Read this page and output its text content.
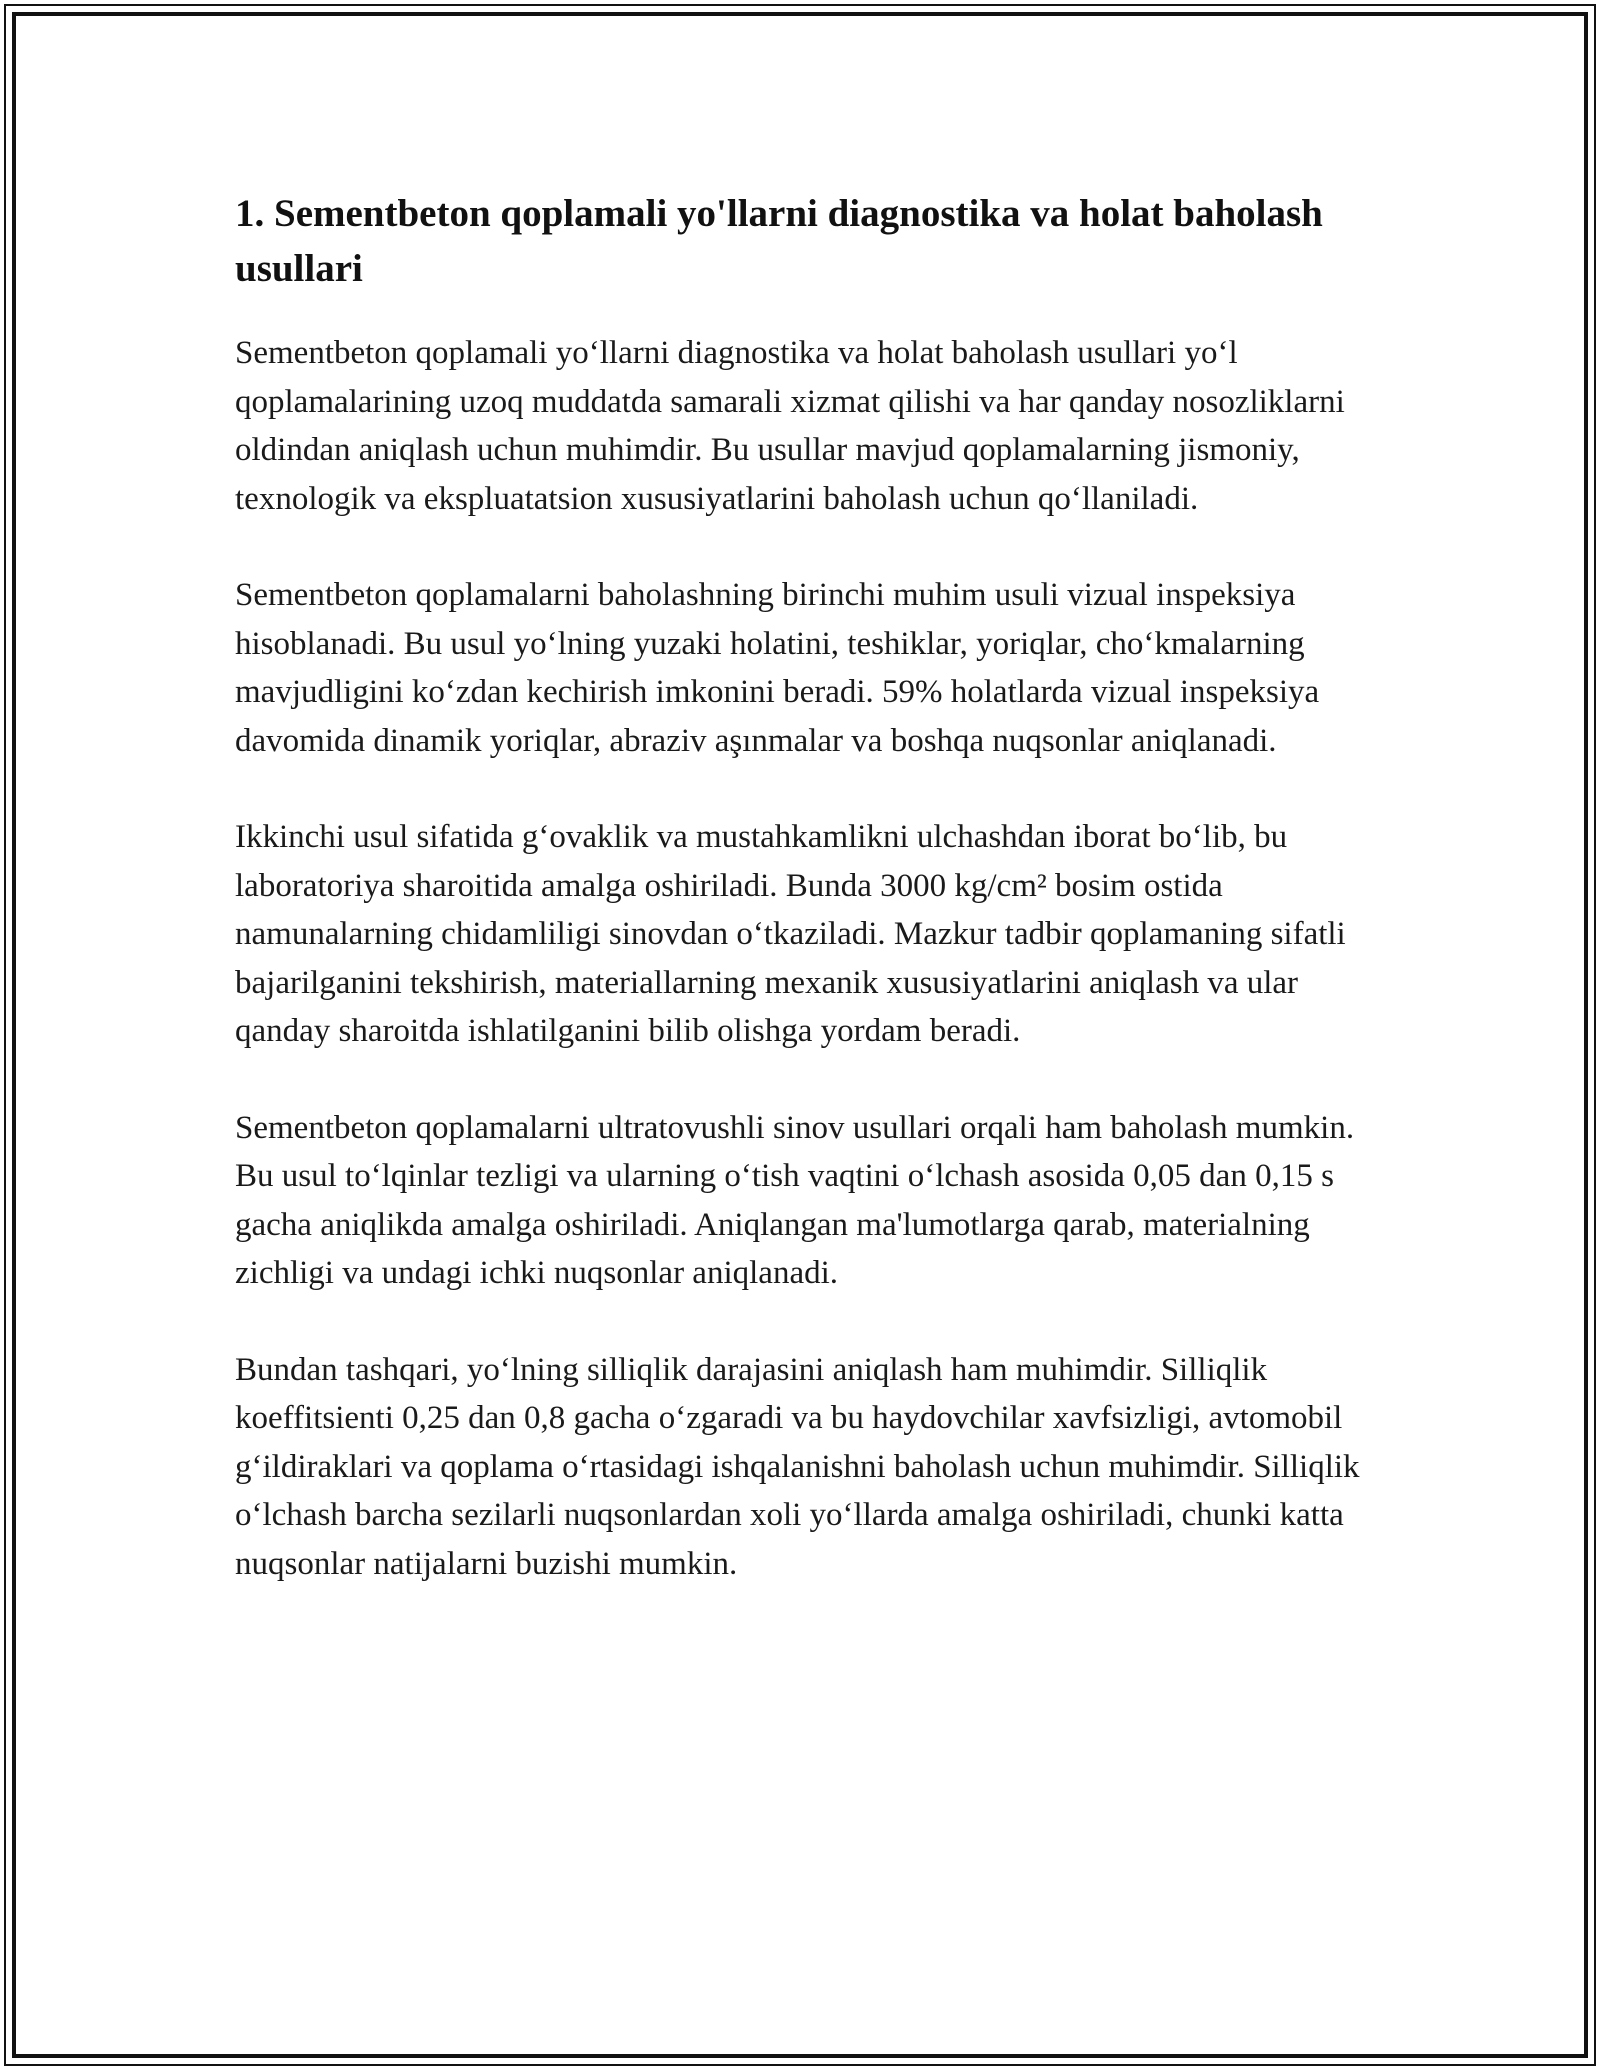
1. Sementbeton qoplamali yo'llarni diagnostika va holat baholash usullari

Sementbeton qoplamali yo‘llarni diagnostika va holat baholash usullari yo‘l qoplamalarining uzoq muddatda samarali xizmat qilishi va har qanday nosozliklarni oldindan aniqlash uchun muhimdir. Bu usullar mavjud qoplamalarning jismoniy, texnologik va ekspluatatsion xususiyatlarini baholash uchun qo‘llaniladi.

Sementbeton qoplamalarni baholashning birinchi muhim usuli vizual inspeksiya hisoblanadi. Bu usul yo‘lning yuzaki holatini, teshiklar, yoriqlar, cho‘kmalarning mavjudligini ko‘zdan kechirish imkonini beradi. 59% holatlarda vizual inspeksiya davomida dinamik yoriqlar, abraziv aşınmalar va boshqa nuqsonlar aniqlanadi.

Ikkinchi usul sifatida g‘ovaklik va mustahkamlikni ulchashdan iborat bo‘lib, bu laboratoriya sharoitida amalga oshiriladi. Bunda 3000 kg/cm² bosim ostida namunalarning chidamliligi sinovdan o‘tkaziladi. Mazkur tadbir qoplamaning sifatli bajarilganini tekshirish, materiallarning mexanik xususiyatlarini aniqlash va ular qanday sharoitda ishlatilganini bilib olishga yordam beradi.

Sementbeton qoplamalarni ultratovushli sinov usullari orqali ham baholash mumkin. Bu usul to‘lqinlar tezligi va ularning o‘tish vaqtini o‘lchash asosida 0,05 dan 0,15 s gacha aniqlikda amalga oshiriladi. Aniqlangan ma'lumotlarga qarab, materialning zichligi va undagi ichki nuqsonlar aniqlanadi.

Bundan tashqari, yo‘lning silliqlik darajasini aniqlash ham muhimdir. Silliqlik koeffitsienti 0,25 dan 0,8 gacha o‘zgaradi va bu haydovchilar xavfsizligi, avtomobil g‘ildiraklari va qoplama o‘rtasidagi ishqalanishni baholash uchun muhimdir. Silliqlik o‘lchash barcha sezilarli nuqsonlardan xoli yo‘llarda amalga oshiriladi, chunki katta nuqsonlar natijalarni buzishi mumkin.
